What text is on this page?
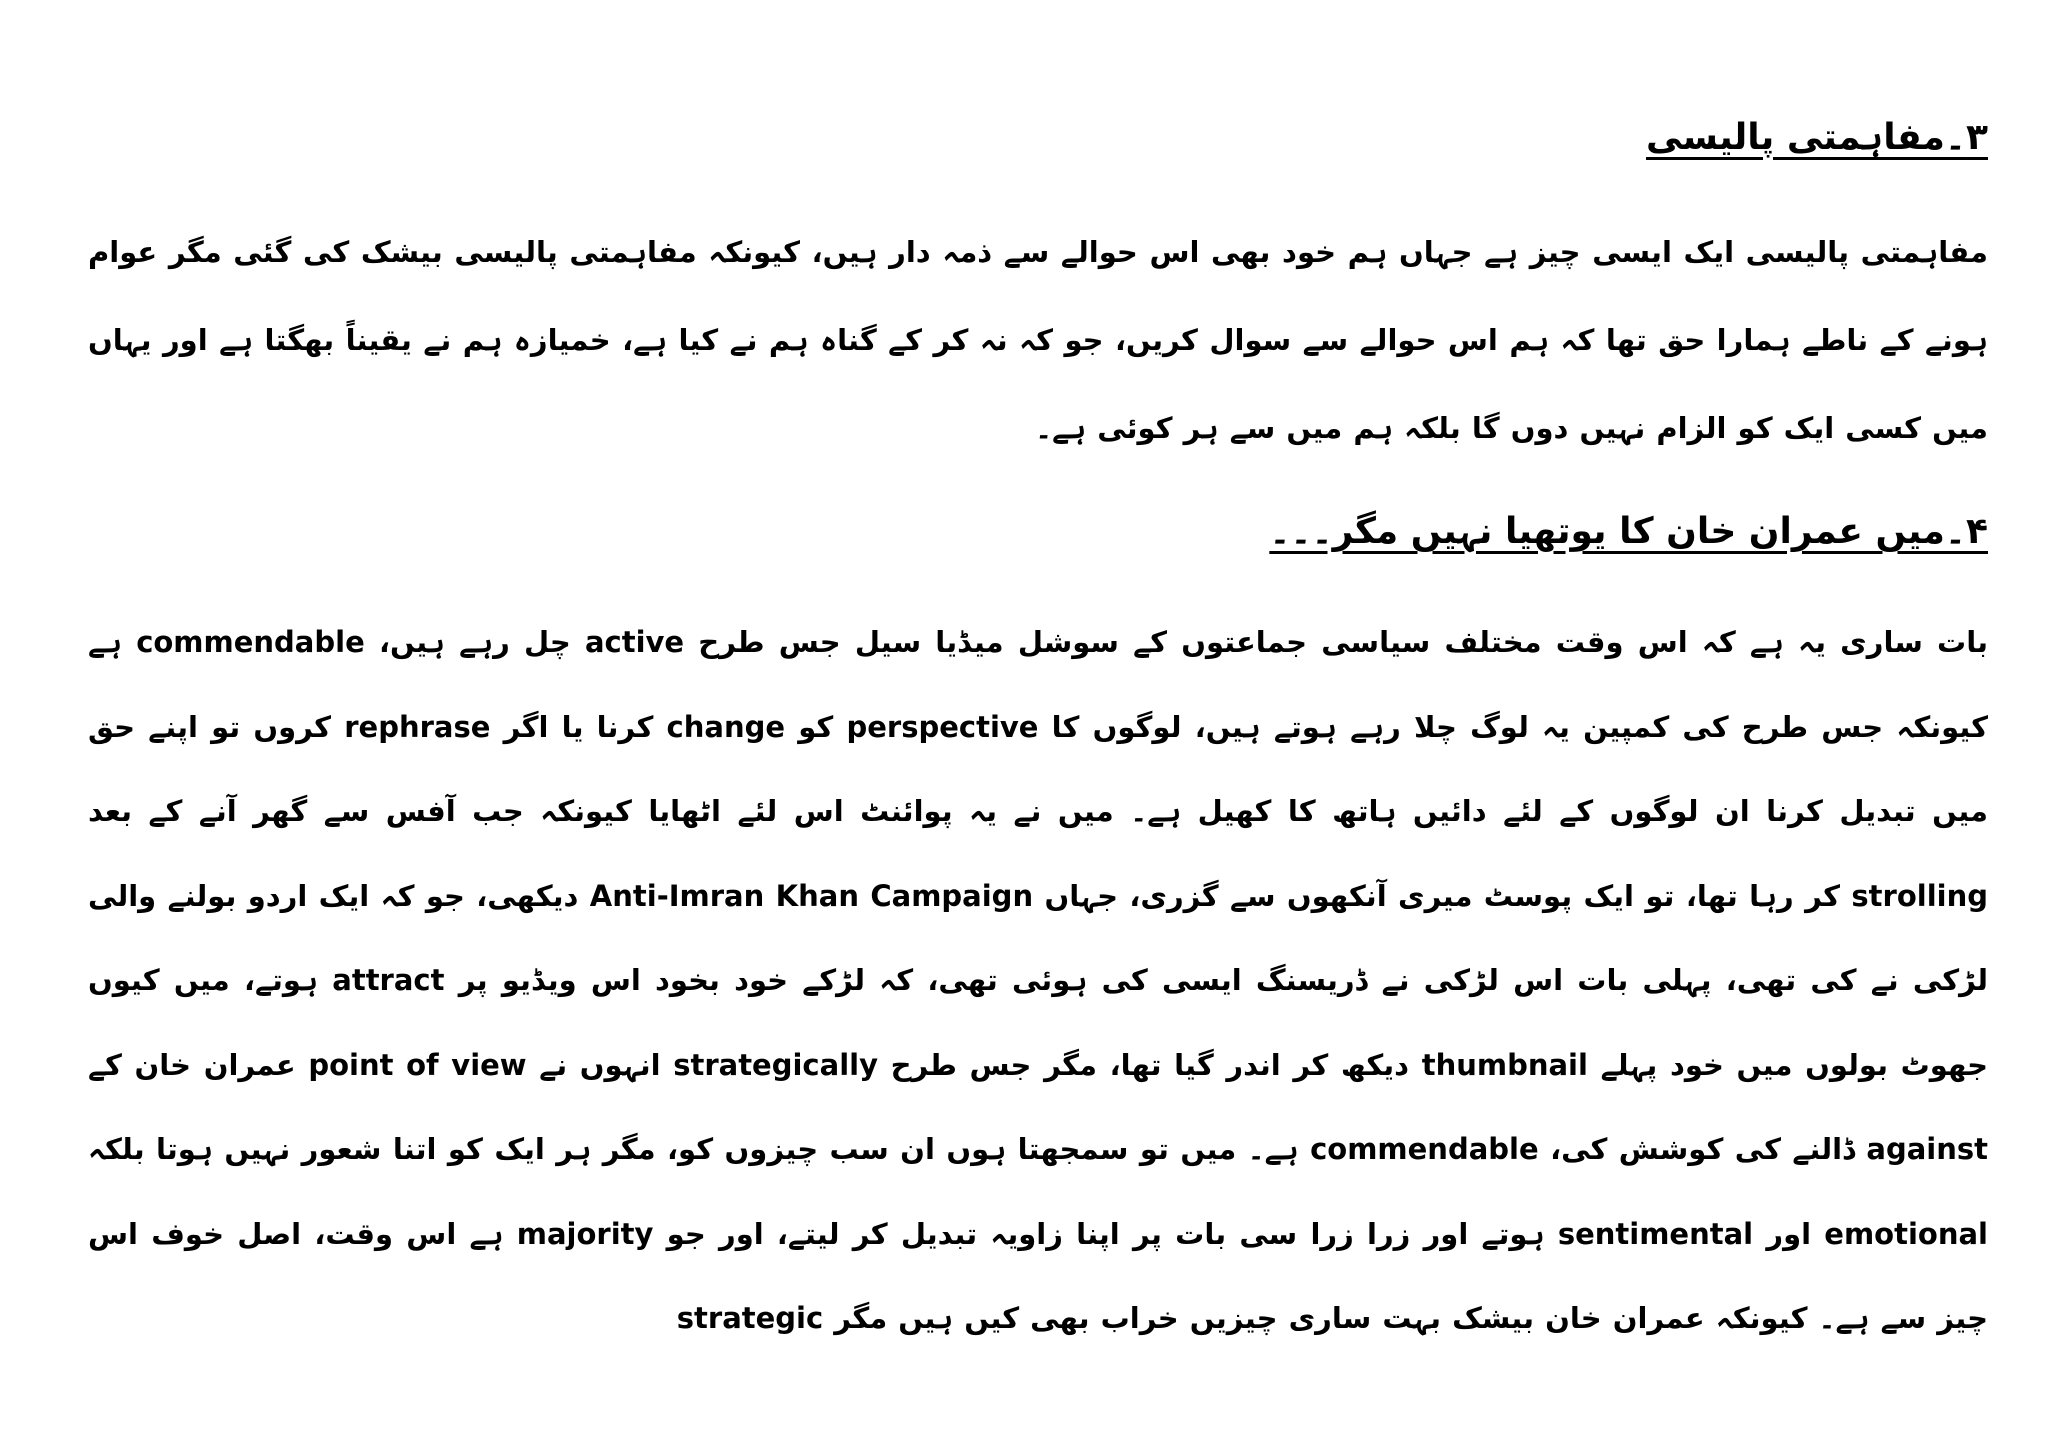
۳۔مفاہمتی پالیسی

مفاہمتی پالیسی ایک ایسی چیز ہے جہاں ہم خود بھی اس حوالے سے ذمہ دار ہیں، کیونکہ مفاہمتی پالیسی بیشک کی گئی مگر عوام ہونے کے ناطے ہمارا حق تھا کہ ہم اس حوالے سے سوال کریں، جو کہ نہ کر کے گناہ ہم نے کیا ہے، خمیازہ ہم نے یقیناً بھگتا ہے اور یہاں میں کسی ایک کو الزام نہیں دوں گا بلکہ ہم میں سے ہر کوئی ہے۔

۴۔میں عمران خان کا یوتھیا نہیں مگر۔۔۔

بات ساری یہ ہے کہ اس وقت مختلف سیاسی جماعتوں کے سوشل میڈیا سیل جس طرح active چل رہے ہیں، commendable ہے کیونکہ جس طرح کی کمپین یہ لوگ چلا رہے ہوتے ہیں، لوگوں کا perspective کو change کرنا یا اگر rephrase کروں تو اپنے حق میں تبدیل کرنا ان لوگوں کے لئے دائیں ہاتھ کا کھیل ہے۔ میں نے یہ پوائنٹ اس لئے اٹھایا کیونکہ جب آفس سے گھر آنے کے بعد strolling کر رہا تھا، تو ایک پوسٹ میری آنکھوں سے گزری، جہاں Anti-Imran Khan Campaign دیکھی، جو کہ ایک اردو بولنے والی لڑکی نے کی تھی، پہلی بات اس لڑکی نے ڈریسنگ ایسی کی ہوئی تھی، کہ لڑکے خود بخود اس ویڈیو پر attract ہوتے، میں کیوں جھوٹ بولوں میں خود پہلے thumbnail دیکھ کر اندر گیا تھا، مگر جس طرح strategically انہوں نے point of view عمران خان کے against ڈالنے کی کوشش کی، commendable ہے۔ میں تو سمجھتا ہوں ان سب چیزوں کو، مگر ہر ایک کو اتنا شعور نہیں ہوتا بلکہ emotional اور sentimental ہوتے اور زرا زرا سی بات پر اپنا زاویہ تبدیل کر لیتے، اور جو majority ہے اس وقت، اصل خوف اس چیز سے ہے۔ کیونکہ عمران خان بیشک بہت ساری چیزیں خراب بھی کیں ہیں مگر strategic
